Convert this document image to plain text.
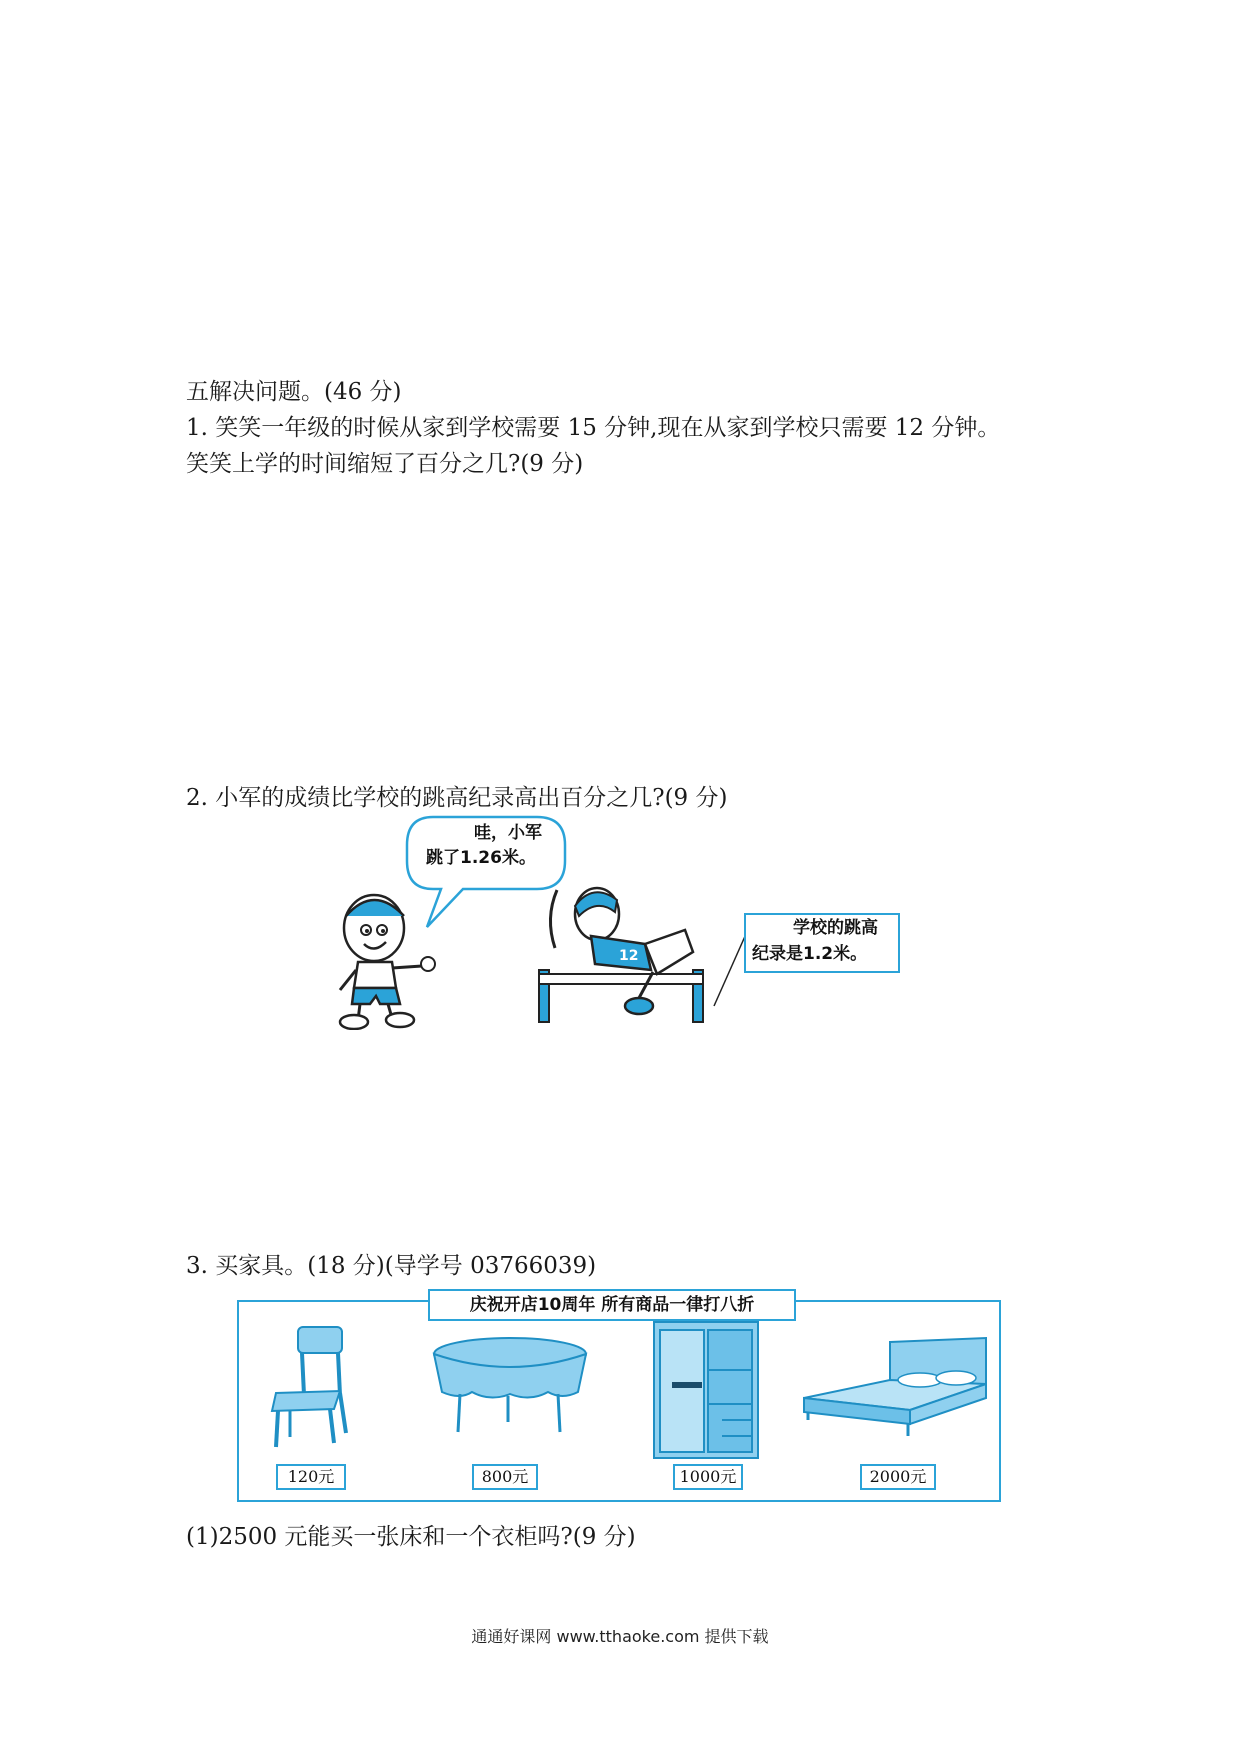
五解决问题。(46 分)
1. 笑笑一年级的时候从家到学校需要 15 分钟,现在从家到学校只需要 12 分钟。
笑笑上学的时间缩短了百分之几?(9 分)
2. 小军的成绩比学校的跳高纪录高出百分之几?(9 分)
哇，小军
跳了1.26米。
12
学校的跳高
纪录是1.2米。
3. 买家具。(18 分)(导学号 03766039)
庆祝开店10周年 所有商品一律打八折
120元	800元	1000元	2000元
(1)2500 元能买一张床和一个衣柜吗?(9 分)
通通好课网 www.tthaoke.com 提供下载
